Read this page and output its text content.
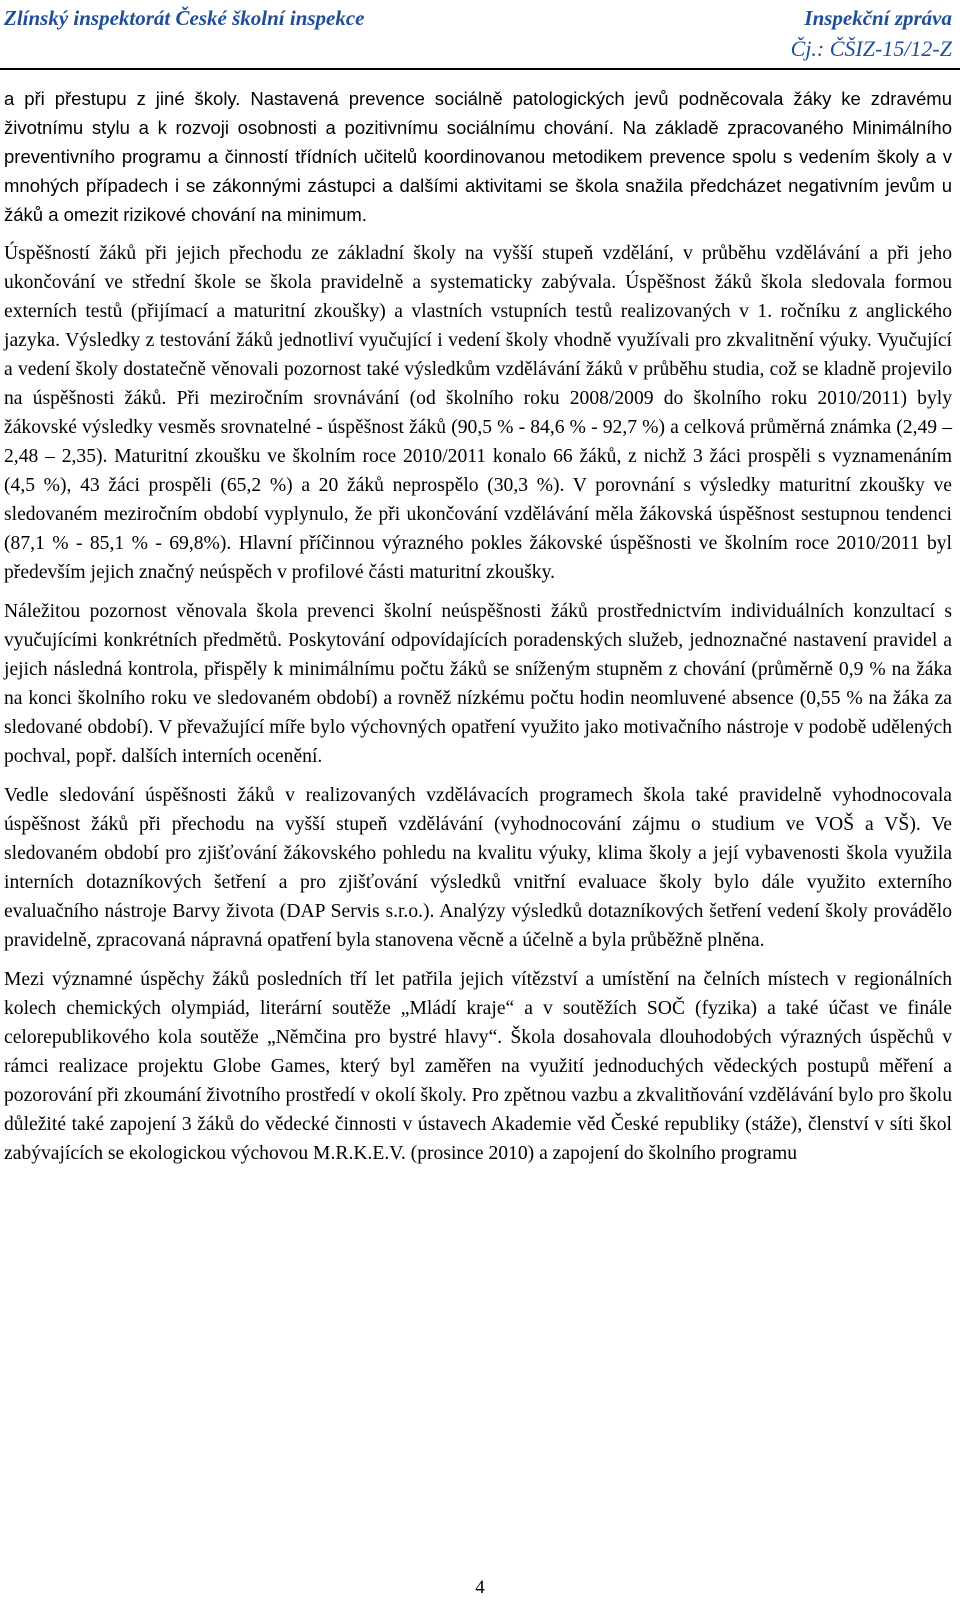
Zlínský inspektorát České školní inspekce	Inspekční zpráva
Čj.: ČŠIZ-15/12-Z

a při přestupu z jiné školy. Nastavená prevence sociálně patologických jevů podněcovala žáky ke zdravému životnímu stylu a k rozvoji osobnosti a pozitivnímu sociálnímu chování. Na základě zpracovaného Minimálního preventivního programu a činností třídních učitelů koordinovanou metodikem prevence spolu s vedením školy a v mnohých případech i se zákonnými zástupci a dalšími aktivitami se škola snažila předcházet negativním jevům u žáků a omezit rizikové chování na minimum.

Úspěšností žáků při jejich přechodu ze základní školy na vyšší stupeň vzdělání, v průběhu vzdělávání a při jeho ukončování ve střední škole se škola pravidelně a systematicky zabývala. Úspěšnost žáků škola sledovala formou externích testů (přijímací a maturitní zkoušky) a vlastních vstupních testů realizovaných v 1. ročníku z anglického jazyka. Výsledky z testování žáků jednotliví vyučující i vedení školy vhodně využívali pro zkvalitnění výuky. Vyučující a vedení školy dostatečně věnovali pozornost také výsledkům vzdělávání žáků v průběhu studia, což se kladně projevilo na úspěšnosti žáků. Při meziročním srovnávání (od školního roku 2008/2009 do školního roku 2010/2011) byly žákovské výsledky vesměs srovnatelné - úspěšnost žáků (90,5 % - 84,6 % - 92,7 %) a celková průměrná známka (2,49 – 2,48 – 2,35). Maturitní zkoušku ve školním roce 2010/2011 konalo 66 žáků, z nichž 3 žáci prospěli s vyznamenáním (4,5 %), 43 žáci prospěli (65,2 %) a 20 žáků neprospělo (30,3 %). V porovnání s výsledky maturitní zkoušky ve sledovaném meziročním období vyplynulo, že při ukončování vzdělávání měla žákovská úspěšnost sestupnou tendenci (87,1 % - 85,1 % - 69,8%). Hlavní příčinnou výrazného pokles žákovské úspěšnosti ve školním roce 2010/2011 byl především jejich značný neúspěch v profilové části maturitní zkoušky.

Náležitou pozornost věnovala škola prevenci školní neúspěšnosti žáků prostřednictvím individuálních konzultací s vyučujícími konkrétních předmětů. Poskytování odpovídajících poradenských služeb, jednoznačné nastavení pravidel a jejich následná kontrola, přispěly k minimálnímu počtu žáků se sníženým stupněm z chování (průměrně 0,9 % na žáka na konci školního roku ve sledovaném období) a rovněž nízkému počtu hodin neomluvené absence (0,55 % na žáka za sledované období). V převažující míře bylo výchovných opatření využito jako motivačního nástroje v podobě udělených pochval, popř. dalších interních ocenění.

Vedle sledování úspěšnosti žáků v realizovaných vzdělávacích programech škola také pravidelně vyhodnocovala úspěšnost žáků při přechodu na vyšší stupeň vzdělávání (vyhodnocování zájmu o studium ve VOŠ a VŠ). Ve sledovaném období pro zjišťování žákovského pohledu na kvalitu výuky, klima školy a její vybavenosti škola využila interních dotazníkových šetření a pro zjišťování výsledků vnitřní evaluace školy bylo dále využito externího evaluačního nástroje Barvy života (DAP Servis s.r.o.). Analýzy výsledků dotazníkových šetření vedení školy provádělo pravidelně, zpracovaná nápravná opatření byla stanovena věcně a účelně a byla průběžně plněna.

Mezi významné úspěchy žáků posledních tří let patřila jejich vítězství a umístění na čelních místech v regionálních kolech chemických olympiád, literární soutěže „Mládí kraje“ a v soutěžích SOČ (fyzika) a také účast ve finále celorepublikového kola soutěže „Němčina pro bystré hlavy“. Škola dosahovala dlouhodobých výrazných úspěchů v rámci realizace projektu Globe Games, který byl zaměřen na využití jednoduchých vědeckých postupů měření a pozorování při zkoumání životního prostředí v okolí školy. Pro zpětnou vazbu a zkvalitňování vzdělávání bylo pro školu důležité také zapojení 3 žáků do vědecké činnosti v ústavech Akademie věd České republiky (stáže), členství v síti škol zabývajících se ekologickou výchovou M.R.K.E.V. (prosince 2010) a zapojení do školního programu

4
